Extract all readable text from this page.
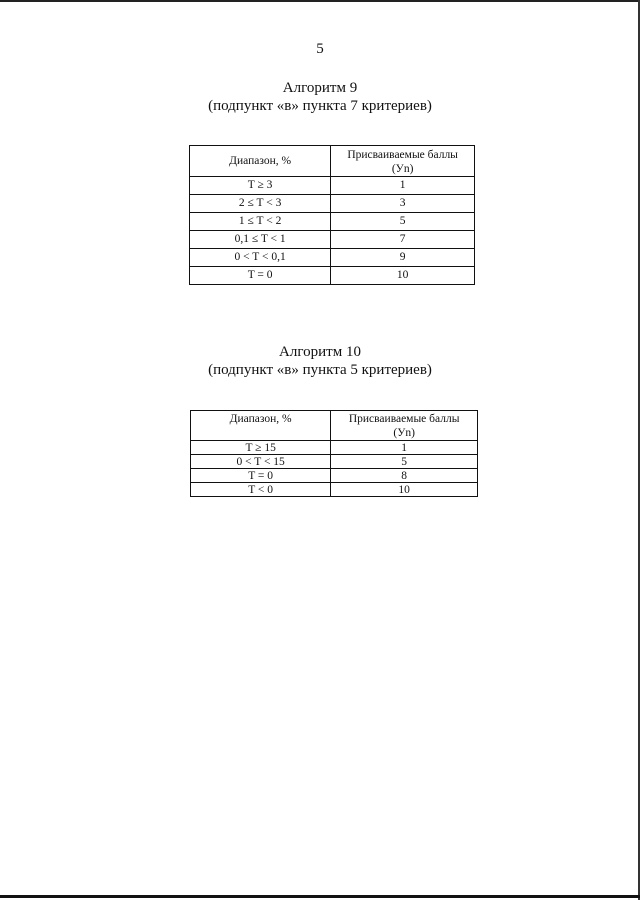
5
Алгоритм 9
(подпункт «в» пункта 7 критериев)
Диапазон, %	Присваиваемые баллы
(Уn)
T ≥ 3	1
2 ≤ T < 3	3
1 ≤ T < 2	5
0,1 ≤ T < 1	7
0 < T < 0,1	9
T = 0	10
Алгоритм 10
(подпункт «в» пункта 5 критериев)
Диапазон, %	Присваиваемые баллы
(Уn)
T ≥ 15	1
0 < T < 15	5
T = 0	8
T < 0	10
